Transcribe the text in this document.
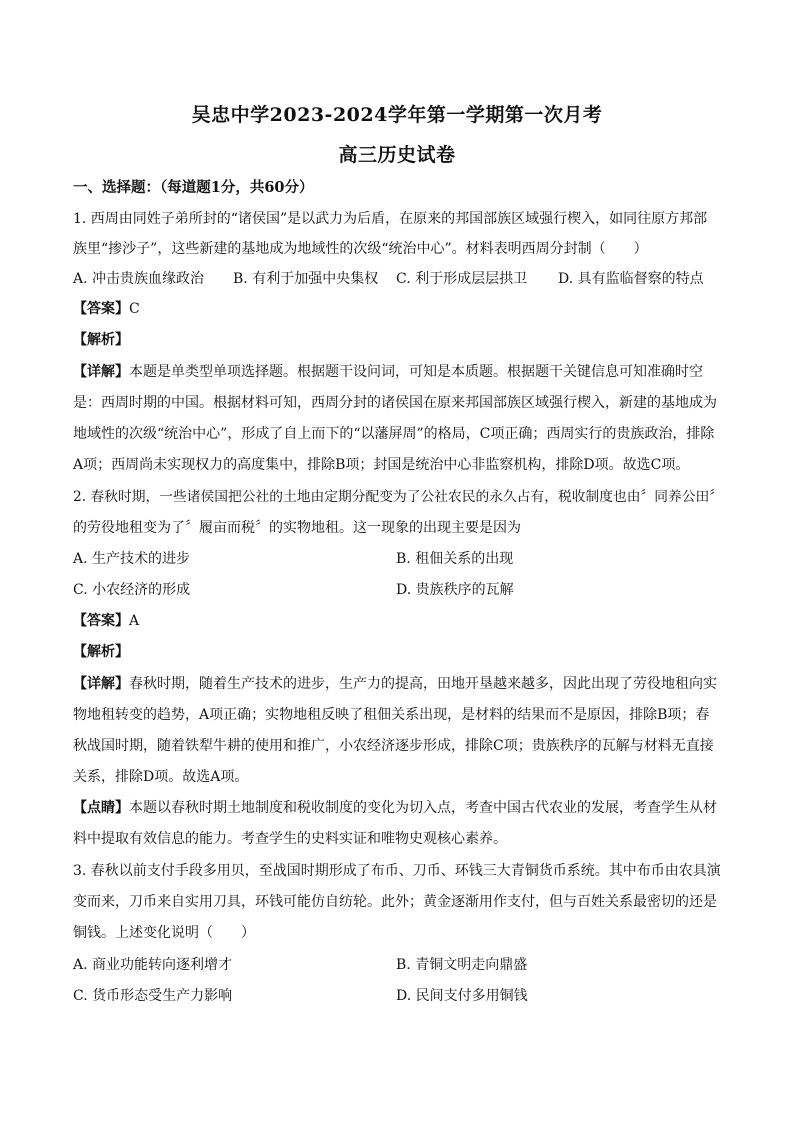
吴忠中学2023-2024学年第一学期第一次月考
高三历史试卷
一、选择题：（每道题1分，共60分）
1. 西周由同姓子弟所封的“诸侯国”是以武力为后盾，在原来的邦国部族区域强行楔入，如同往原方邦部
族里“掺沙子”，这些新建的基地成为地域性的次级“统治中心”。材料表明西周分封制（　　）
A. 冲击贵族血缘政治 B. 有利于加强中央集权 C. 利于形成层层拱卫 D. 具有监临督察的特点
【答案】C
【解析】
【详解】本题是单类型单项选择题。根据题干设问词，可知是本质题。根据题干关键信息可知准确时空
是：西周时期的中国。根据材料可知，西周分封的诸侯国在原来邦国部族区域强行楔入，新建的基地成为
地域性的次级“统治中心”，形成了自上而下的“以藩屏周”的格局，C项正确；西周实行的贵族政治，排除
A项；西周尚未实现权力的高度集中，排除B项；封国是统治中心非监察机构，排除D项。故选C项。
2. 春秋时期，一些诸侯国把公社的土地由定期分配变为了公社农民的永久占有，税收制度也由〞同养公田〞
的劳役地租变为了〞履亩而税〞的实物地租。这一现象的出现主要是因为
A. 生产技术的进步	B. 租佃关系的出现
C. 小农经济的形成	D. 贵族秩序的瓦解
【答案】A
【解析】
【详解】春秋时期，随着生产技术的进步，生产力的提高，田地开垦越来越多，因此出现了劳役地租向实
物地租转变的趋势，A项正确；实物地租反映了租佃关系出现，是材料的结果而不是原因，排除B项；春
秋战国时期，随着铁犁牛耕的使用和推广，小农经济逐步形成，排除C项；贵族秩序的瓦解与材料无直接
关系，排除D项。故选A项。
【点睛】本题以春秋时期土地制度和税收制度的变化为切入点，考查中国古代农业的发展，考查学生从材
料中提取有效信息的能力。考查学生的史料实证和唯物史观核心素养。
3. 春秋以前支付手段多用贝，至战国时期形成了布币、刀币、环钱三大青铜货币系统。其中布币由农具演
变而来，刀币来自实用刀具，环钱可能仿自纺轮。此外；黄金逐渐用作支付，但与百姓关系最密切的还是
铜钱。上述变化说明（　　）
A. 商业功能转向逐利增才	B. 青铜文明走向鼎盛
C. 货币形态受生产力影响	D. 民间支付多用铜钱
